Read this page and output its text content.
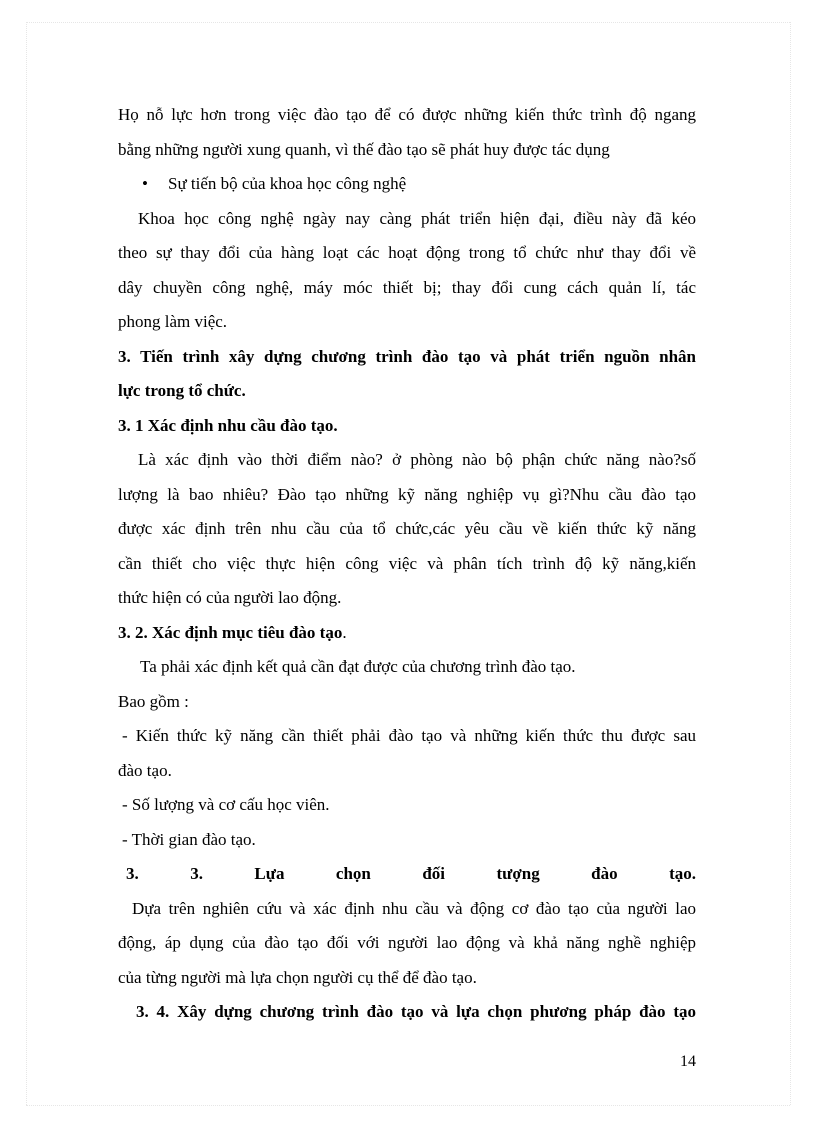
Họ nỗ lực hơn trong việc đào tạo để có được những kiến thức trình độ ngang
bằng những người xung quanh, vì thế đào tạo sẽ phát huy được tác dụng
• Sự tiến bộ của khoa học công nghệ
Khoa học công nghệ ngày nay càng phát triển hiện đại, điều này đã kéo
theo sự thay đổi của hàng loạt các hoạt động trong tổ chức như thay đổi về
dây chuyền công nghệ, máy móc thiết bị; thay đổi cung cách quản lí, tác
phong làm việc.
3. Tiến trình xây dựng chương trình đào tạo và phát triển nguồn nhân
lực trong tổ chức.
3. 1 Xác định nhu cầu đào tạo.
Là xác định vào thời điểm nào? ở phòng nào bộ phận chức năng nào?số
lượng là bao nhiêu? Đào tạo những kỹ năng nghiệp vụ gì?Nhu cầu đào tạo
được xác định trên nhu cầu của tổ chức,các yêu cầu về kiến thức kỹ năng
cần thiết cho việc thực hiện công việc và phân tích trình độ kỹ năng,kiến
thức hiện có của người lao động.
3. 2. Xác định mục tiêu đào tạo.
Ta phải xác định kết quả cần đạt được của chương trình đào tạo.
Bao gồm :
- Kiến thức kỹ năng cần thiết phải đào tạo và những kiến thức thu được sau
đào tạo.
- Số lượng và cơ cấu học viên.
- Thời gian đào tạo.
3. 3. Lựa chọn đối tượng đào tạo.
Dựa trên nghiên cứu và xác định nhu cầu và động cơ đào tạo của người lao
động, áp dụng của đào tạo đối với người lao động và khả năng nghề nghiệp
của từng người mà lựa chọn người cụ thể để đào tạo.
3. 4. Xây dựng chương trình đào tạo và lựa chọn phương pháp đào tạo
14
